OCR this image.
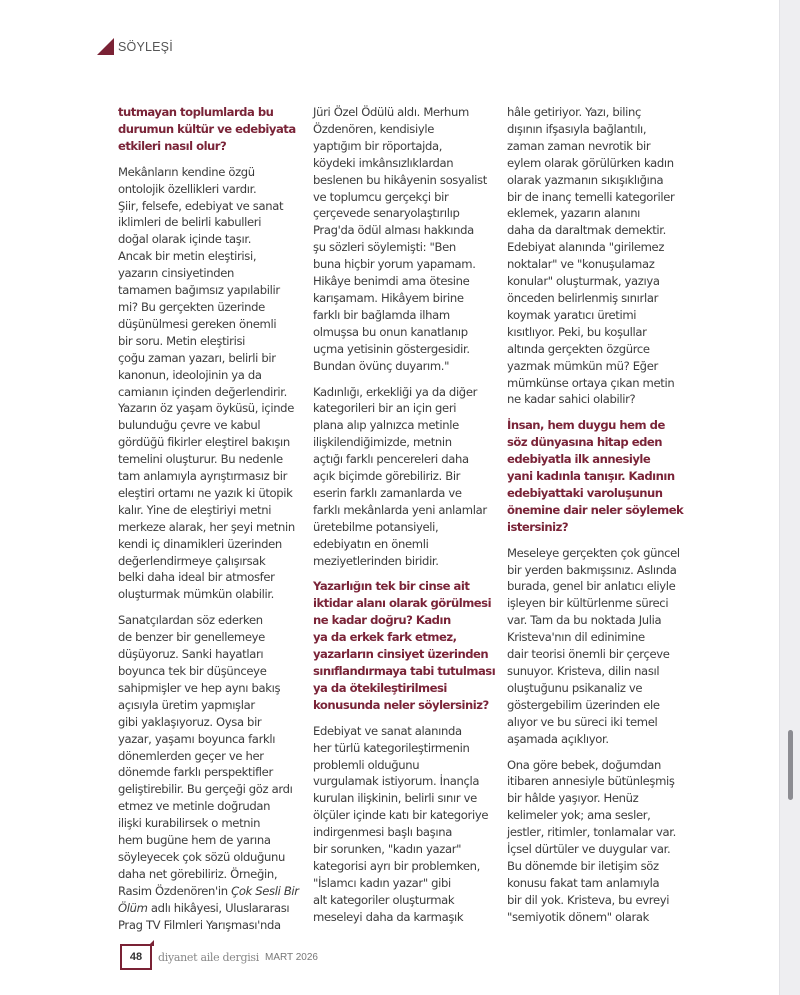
SÖYLEŞİ
tutmayan toplumlarda bu
durumun kültür ve edebiyata
etkileri nasıl olur?
Mekânların kendine özgü
ontolojik özellikleri vardır.
Şiir, felsefe, edebiyat ve sanat
iklimleri de belirli kabulleri
doğal olarak içinde taşır.
Ancak bir metin eleştirisi,
yazarın cinsiyetinden
tamamen bağımsız yapılabilir
mi? Bu gerçekten üzerinde
düşünülmesi gereken önemli
bir soru. Metin eleştirisi
çoğu zaman yazarı, belirli bir
kanonun, ideolojinin ya da
camianın içinden değerlendirir.
Yazarın öz yaşam öyküsü, içinde
bulunduğu çevre ve kabul
gördüğü fikirler eleştirel bakışın
temelini oluşturur. Bu nedenle
tam anlamıyla ayrıştırmasız bir
eleştiri ortamı ne yazık ki ütopik
kalır. Yine de eleştiriyi metni
merkeze alarak, her şeyi metnin
kendi iç dinamikleri üzerinden
değerlendirmeye çalışırsak
belki daha ideal bir atmosfer
oluşturmak mümkün olabilir.
Sanatçılardan söz ederken
de benzer bir genellemeye
düşüyoruz. Sanki hayatları
boyunca tek bir düşünceye
sahipmişler ve hep aynı bakış
açısıyla üretim yapmışlar
gibi yaklaşıyoruz. Oysa bir
yazar, yaşamı boyunca farklı
dönemlerden geçer ve her
dönemde farklı perspektifler
geliştirebilir. Bu gerçeği göz ardı
etmez ve metinle doğrudan
ilişki kurabilirsek o metnin
hem bugüne hem de yarına
söyleyecek çok sözü olduğunu
daha net görebiliriz. Örneğin,
Rasim Özdenören'in Çok Sesli Bir
Ölüm adlı hikâyesi, Uluslararası
Prag TV Filmleri Yarışması'nda
Jüri Özel Ödülü aldı. Merhum
Özdenören, kendisiyle
yaptığım bir röportajda,
köydeki imkânsızlıklardan
beslenen bu hikâyenin sosyalist
ve toplumcu gerçekçi bir
çerçevede senaryolaştırılıp
Prag'da ödül alması hakkında
şu sözleri söylemişti: "Ben
buna hiçbir yorum yapamam.
Hikâye benimdi ama ötesine
karışamam. Hikâyem birine
farklı bir bağlamda ilham
olmuşsa bu onun kanatlanıp
uçma yetisinin göstergesidir.
Bundan övünç duyarım."
Kadınlığı, erkekliği ya da diğer
kategorileri bir an için geri
plana alıp yalnızca metinle
ilişkilendiğimizde, metnin
açtığı farklı pencereleri daha
açık biçimde görebiliriz. Bir
eserin farklı zamanlarda ve
farklı mekânlarda yeni anlamlar
üretebilme potansiyeli,
edebiyatın en önemli
meziyetlerinden biridir.
Yazarlığın tek bir cinse ait
iktidar alanı olarak görülmesi
ne kadar doğru? Kadın
ya da erkek fark etmez,
yazarların cinsiyet üzerinden
sınıflandırmaya tabi tutulması
ya da ötekileştirilmesi
konusunda neler söylersiniz?
Edebiyat ve sanat alanında
her türlü kategorileştirmenin
problemli olduğunu
vurgulamak istiyorum. İnançla
kurulan ilişkinin, belirli sınır ve
ölçüler içinde katı bir kategoriye
indirgenmesi başlı başına
bir sorunken, "kadın yazar"
kategorisi ayrı bir problemken,
"İslamcı kadın yazar" gibi
alt kategoriler oluşturmak
meseleyi daha da karmaşık
hâle getiriyor. Yazı, bilinç
dışının ifşasıyla bağlantılı,
zaman zaman nevrotik bir
eylem olarak görülürken kadın
olarak yazmanın sıkışıklığına
bir de inanç temelli kategoriler
eklemek, yazarın alanını
daha da daraltmak demektir.
Edebiyat alanında "girilemez
noktalar" ve "konuşulamaz
konular" oluşturmak, yazıya
önceden belirlenmiş sınırlar
koymak yaratıcı üretimi
kısıtlıyor. Peki, bu koşullar
altında gerçekten özgürce
yazmak mümkün mü? Eğer
mümkünse ortaya çıkan metin
ne kadar sahici olabilir?
İnsan, hem duygu hem de
söz dünyasına hitap eden
edebiyatla ilk annesiyle
yani kadınla tanışır. Kadının
edebiyattaki varoluşunun
önemine dair neler söylemek
istersiniz?
Meseleye gerçekten çok güncel
bir yerden bakmışsınız. Aslında
burada, genel bir anlatıcı eliyle
işleyen bir kültürlenme süreci
var. Tam da bu noktada Julia
Kristeva'nın dil edinimine
dair teorisi önemli bir çerçeve
sunuyor. Kristeva, dilin nasıl
oluştuğunu psikanaliz ve
göstergebilim üzerinden ele
alıyor ve bu süreci iki temel
aşamada açıklıyor.
Ona göre bebek, doğumdan
itibaren annesiyle bütünleşmiş
bir hâlde yaşıyor. Henüz
kelimeler yok; ama sesler,
jestler, ritimler, tonlamalar var.
İçsel dürtüler ve duygular var.
Bu dönemde bir iletişim söz
konusu fakat tam anlamıyla
bir dil yok. Kristeva, bu evreyi
"semiyotik dönem" olarak
48	diyanet aile dergisi MART 2026
